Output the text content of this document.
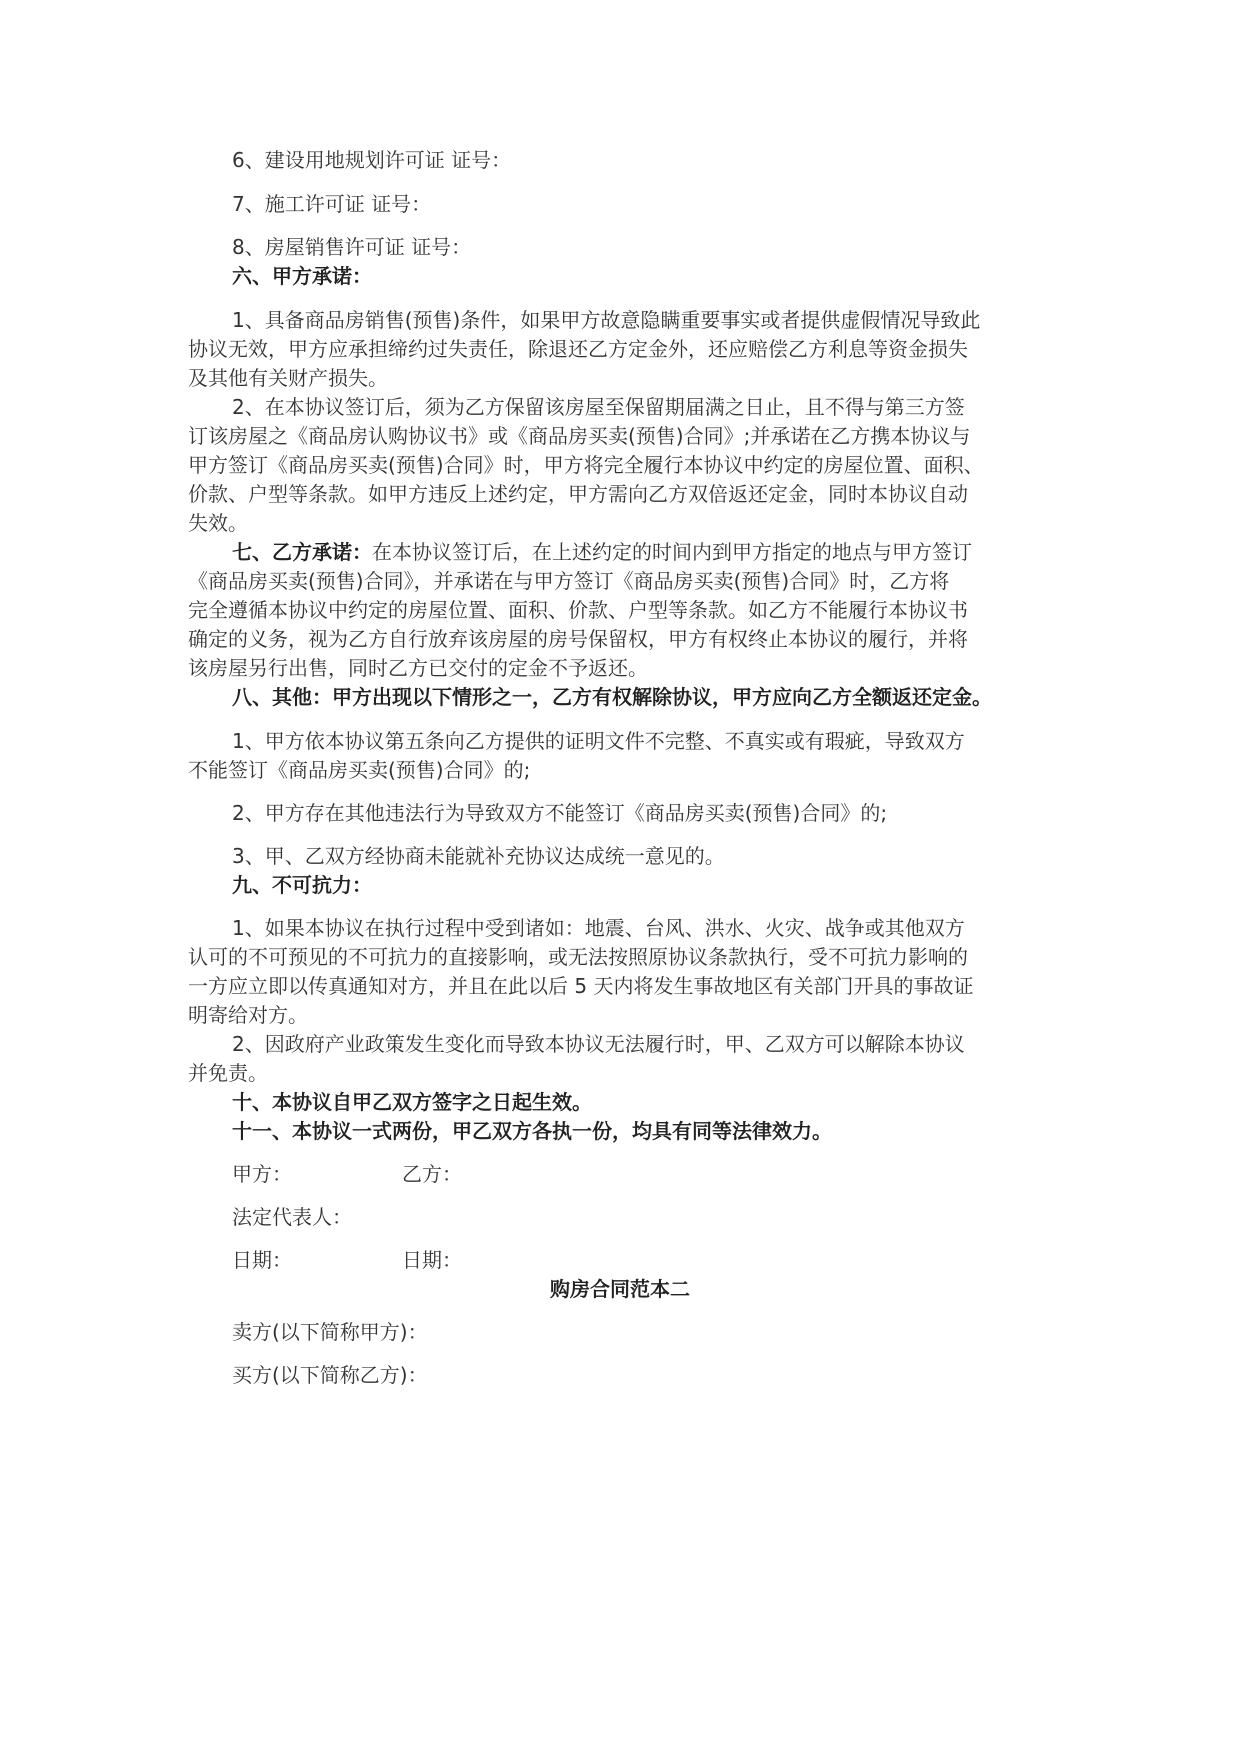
6、建设用地规划许可证 证号：
7、施工许可证 证号：
8、房屋销售许可证 证号：
六、甲方承诺：
1、具备商品房销售(预售)条件，如果甲方故意隐瞒重要事实或者提供虚假情况导致此
协议无效，甲方应承担缔约过失责任，除退还乙方定金外，还应赔偿乙方利息等资金损失
及其他有关财产损失。
2、在本协议签订后，须为乙方保留该房屋至保留期届满之日止，且不得与第三方签
订该房屋之《商品房认购协议书》或《商品房买卖(预售)合同》;并承诺在乙方携本协议与
甲方签订《商品房买卖(预售)合同》时，甲方将完全履行本协议中约定的房屋位置、面积、
价款、户型等条款。如甲方违反上述约定，甲方需向乙方双倍返还定金，同时本协议自动
失效。
七、乙方承诺：在本协议签订后，在上述约定的时间内到甲方指定的地点与甲方签订
《商品房买卖(预售)合同》，并承诺在与甲方签订《商品房买卖(预售)合同》时，乙方将
完全遵循本协议中约定的房屋位置、面积、价款、户型等条款。如乙方不能履行本协议书
确定的义务，视为乙方自行放弃该房屋的房号保留权，甲方有权终止本协议的履行，并将
该房屋另行出售，同时乙方已交付的定金不予返还。
八、其他：甲方出现以下情形之一，乙方有权解除协议，甲方应向乙方全额返还定金。
1、甲方依本协议第五条向乙方提供的证明文件不完整、不真实或有瑕疵，导致双方
不能签订《商品房买卖(预售)合同》的;
2、甲方存在其他违法行为导致双方不能签订《商品房买卖(预售)合同》的;
3、甲、乙双方经协商未能就补充协议达成统一意见的。
九、不可抗力：
1、如果本协议在执行过程中受到诸如：地震、台风、洪水、火灾、战争或其他双方
认可的不可预见的不可抗力的直接影响，或无法按照原协议条款执行，受不可抗力影响的
一方应立即以传真通知对方，并且在此以后 5 天内将发生事故地区有关部门开具的事故证
明寄给对方。
2、因政府产业政策发生变化而导致本协议无法履行时，甲、乙双方可以解除本协议
并免责。
十、本协议自甲乙双方签字之日起生效。
十一、本协议一式两份，甲乙双方各执一份，均具有同等法律效力。
甲方：	乙方：
法定代表人：
日期：	日期：
购房合同范本二
卖方(以下简称甲方)：
买方(以下简称乙方)：
